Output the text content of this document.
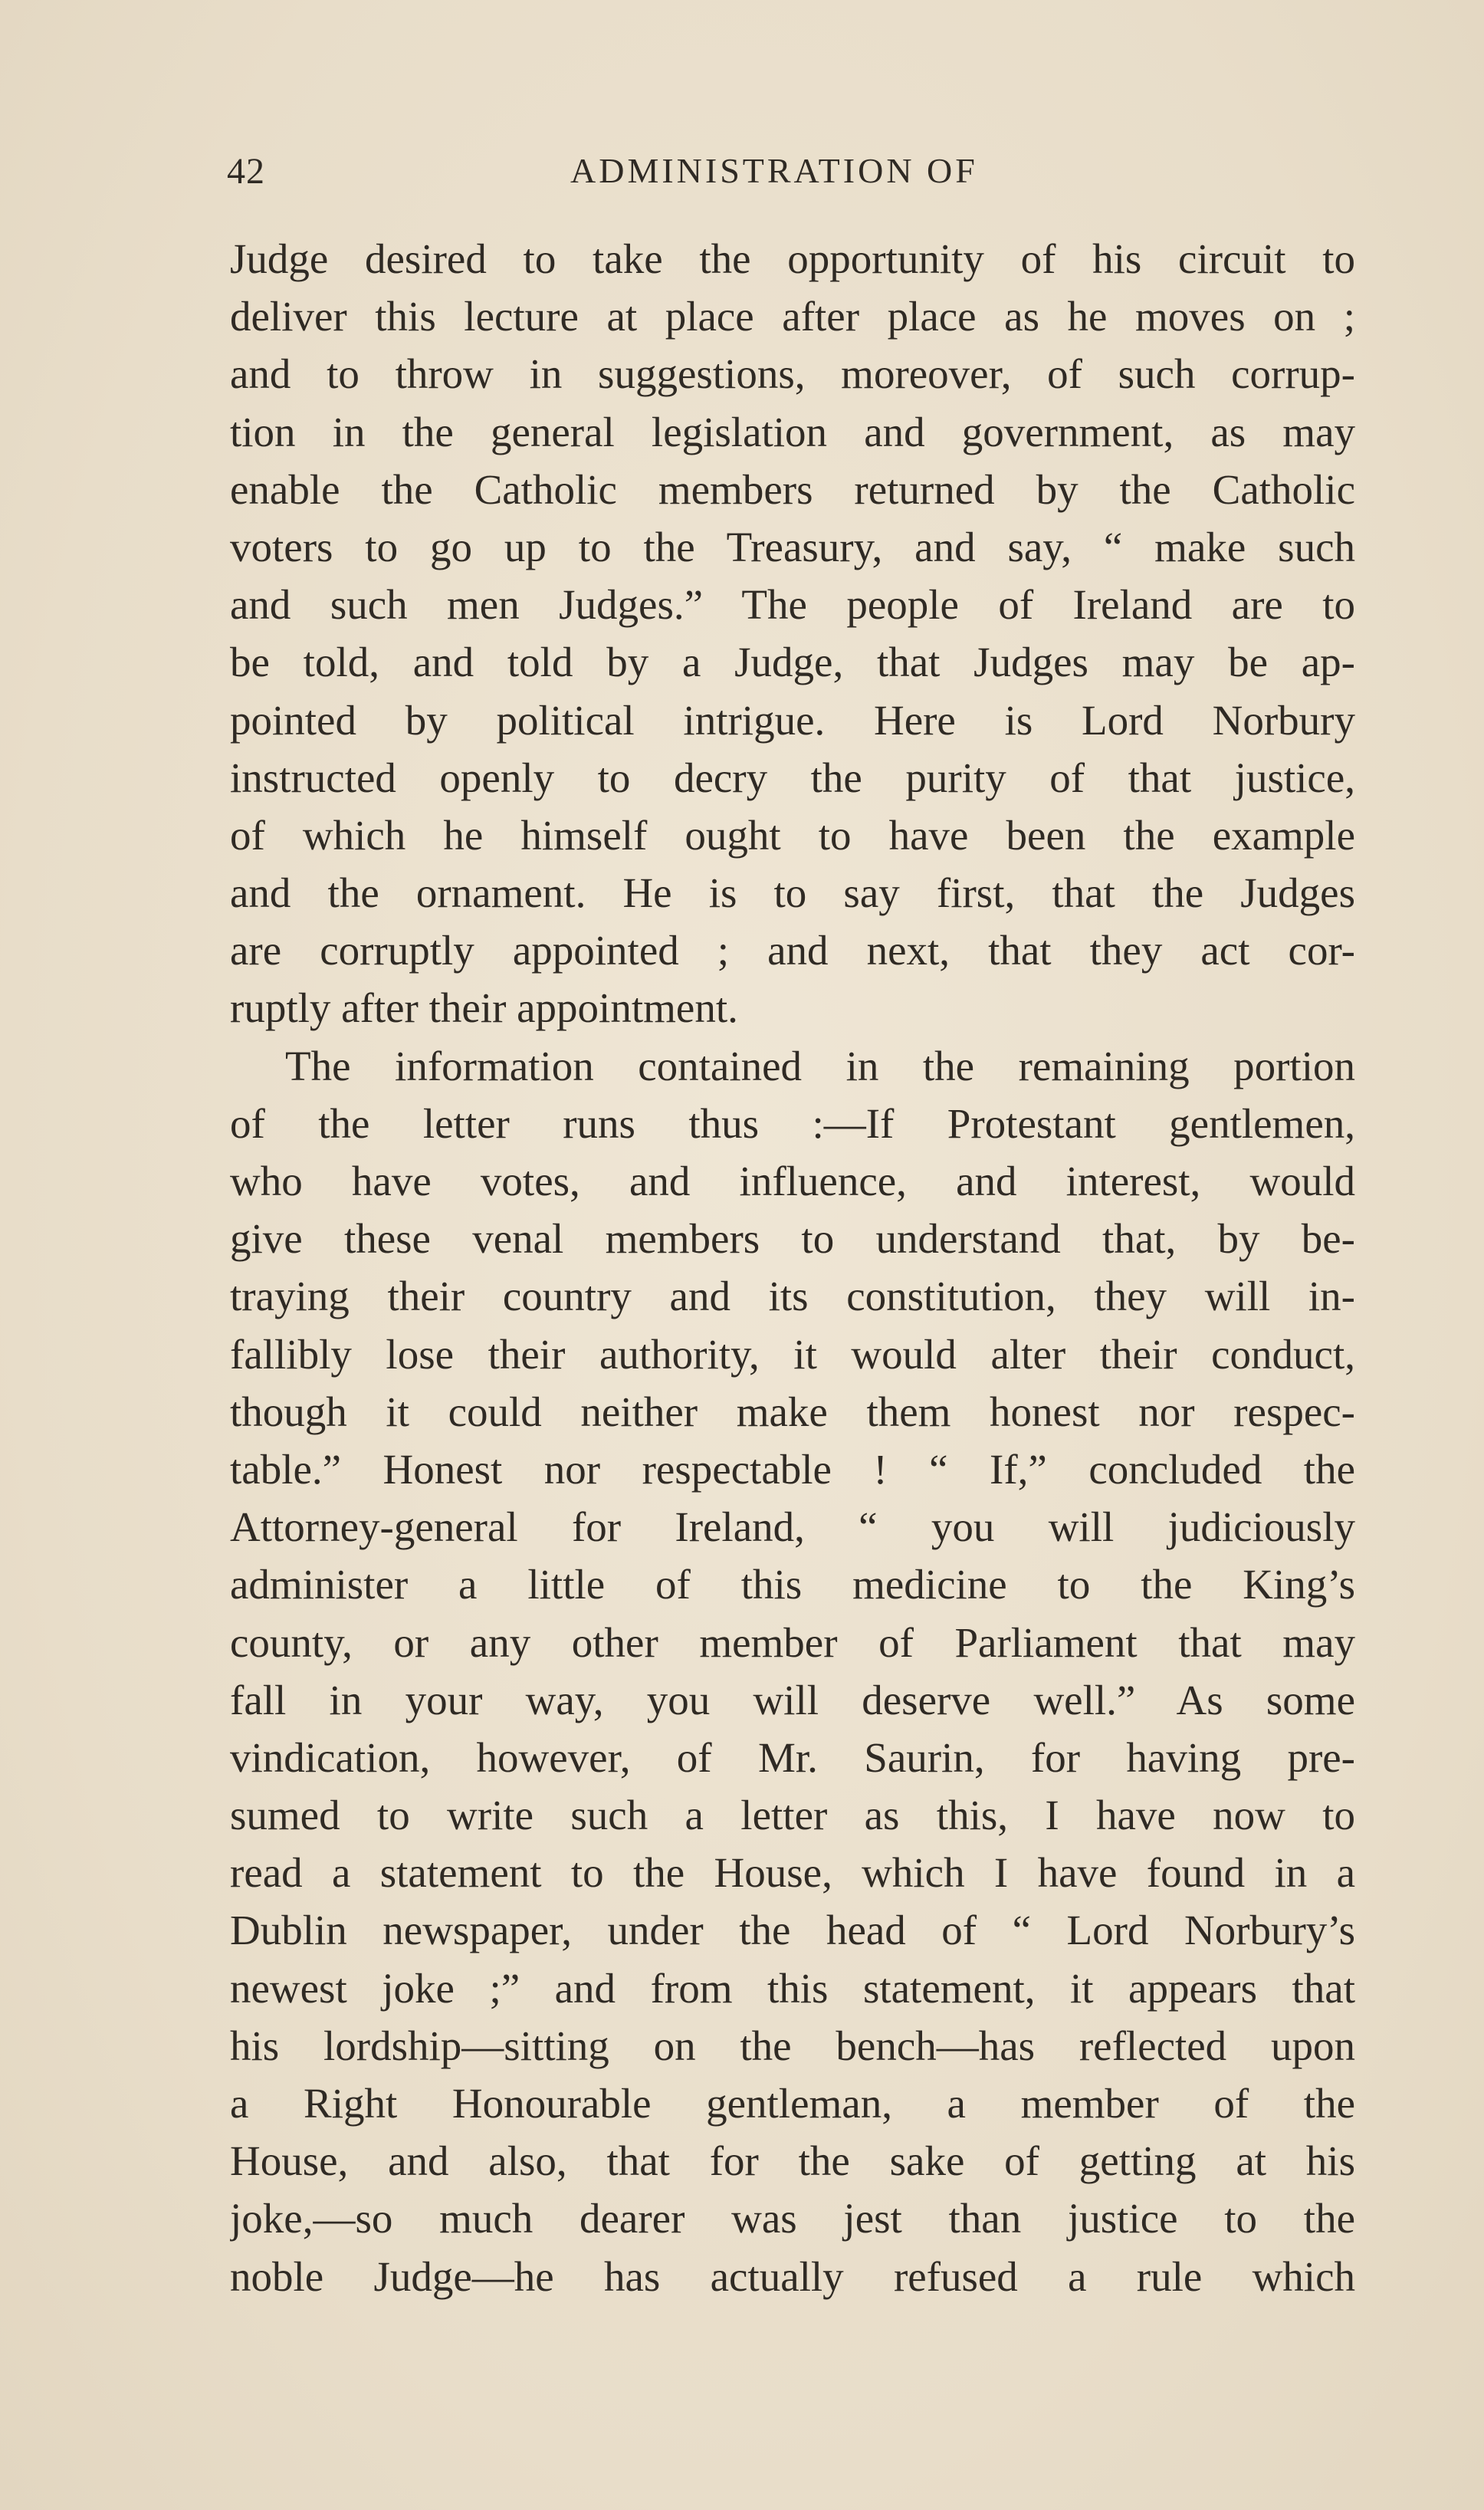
42	ADMINISTRATION OF
Judge desired to take the opportunity of his circuit to
deliver this lecture at place after place as he moves on ;
and to throw in suggestions, moreover, of such corrup-
tion in the general legislation and government, as may
enable the Catholic members returned by the Catholic
voters to go up to the Treasury, and say, “ make such
and such men Judges.” The people of Ireland are to
be told, and told by a Judge, that Judges may be ap-
pointed by political intrigue. Here is Lord Norbury
instructed openly to decry the purity of that justice,
of which he himself ought to have been the example
and the ornament. He is to say first, that the Judges
are corruptly appointed ; and next, that they act cor-
ruptly after their appointment.
The information contained in the remaining portion
of the letter runs thus :—If Protestant gentlemen,
who have votes, and influence, and interest, would
give these venal members to understand that, by be-
traying their country and its constitution, they will in-
fallibly lose their authority, it would alter their conduct,
though it could neither make them honest nor respec-
table.” Honest nor respectable ! “ If,” concluded the
Attorney-general for Ireland, “ you will judiciously
administer a little of this medicine to the King’s
county, or any other member of Parliament that may
fall in your way, you will deserve well.” As some
vindication, however, of Mr. Saurin, for having pre-
sumed to write such a letter as this, I have now to
read a statement to the House, which I have found in a
Dublin newspaper, under the head of “ Lord Norbury’s
newest joke ;” and from this statement, it appears that
his lordship—sitting on the bench—has reflected upon
a Right Honourable gentleman, a member of the
House, and also, that for the sake of getting at his
joke,—so much dearer was jest than justice to the
noble Judge—he has actually refused a rule which
